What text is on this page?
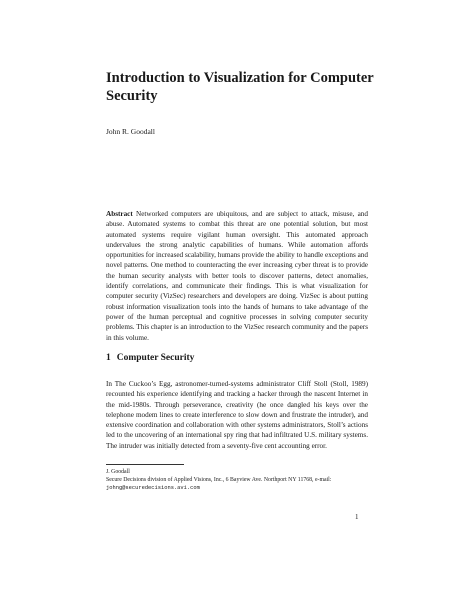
Introduction to Visualization for Computer Security
John R. Goodall

Abstract Networked computers are ubiquitous, and are subject to attack, misuse, and abuse. Automated systems to combat this threat are one potential solution, but most automated systems require vigilant human oversight. This automated approach undervalues the strong analytic capabilities of humans. While automation affords opportunities for increased scalability, humans provide the ability to handle exceptions and novel patterns. One method to counteracting the ever increasing cyber threat is to provide the human security analysts with better tools to discover patterns, detect anomalies, identify correlations, and communicate their findings. This is what visualization for computer security (VizSec) researchers and developers are doing. VizSec is about putting robust information visualization tools into the hands of humans to take advantage of the power of the human perceptual and cognitive processes in solving computer security problems. This chapter is an introduction to the VizSec research community and the papers in this volume.

1 Computer Security

In The Cuckoo’s Egg, astronomer-turned-systems administrator Cliff Stoll (Stoll, 1989) recounted his experience identifying and tracking a hacker through the nascent Internet in the mid-1980s. Through perseverance, creativity (he once dangled his keys over the telephone modem lines to create interference to slow down and frustrate the intruder), and extensive coordination and collaboration with other systems administrators, Stoll’s actions led to the uncovering of an international spy ring that had infiltrated U.S. military systems. The intruder was initially detected from a seventy-five cent accounting error.

J. Goodall
Secure Decisions division of Applied Visions, Inc., 6 Bayview Ave. Northport NY 11768, e-mail:
johng@securedecisions.avi.com
1
